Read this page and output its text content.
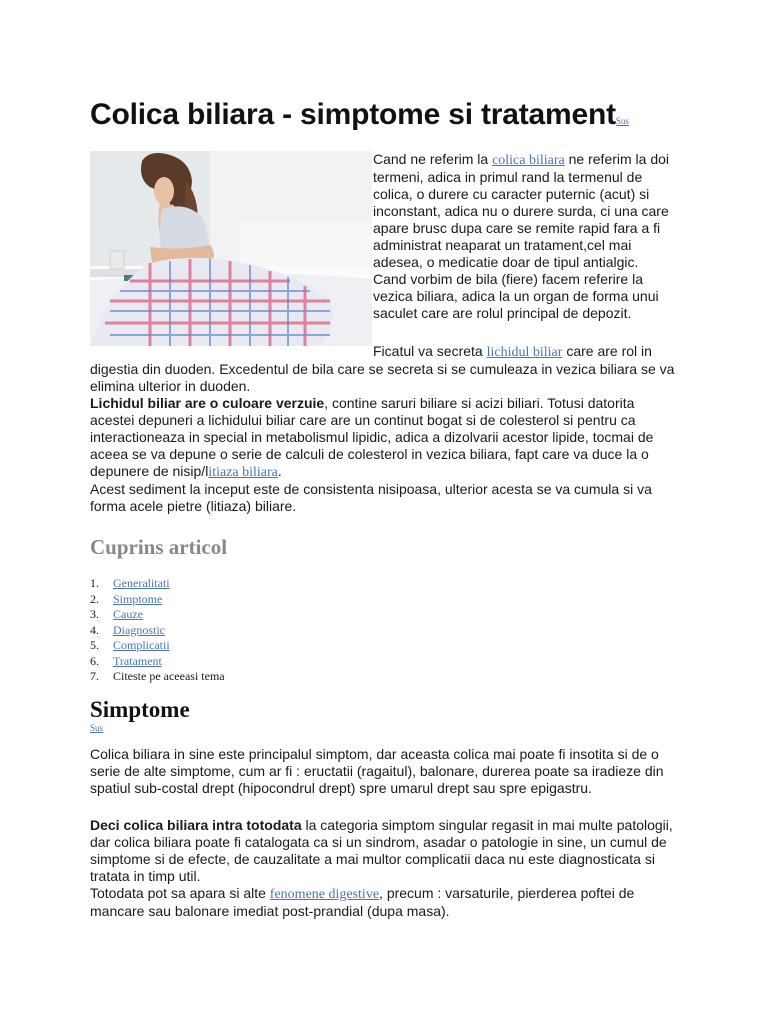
Colica biliara - simptome si tratamentSus
Cand ne referim la colica biliara ne referim la doi termeni, adica in primul rand la termenul de colica, o durere cu caracter puternic (acut) si inconstant, adica nu o durere surda, ci una care apare brusc dupa care se remite rapid fara a fi administrat neaparat un tratament,cel mai adesea, o medicatie doar de tipul antialgic.
Cand vorbim de bila (fiere) facem referire la vezica biliara, adica la un organ de forma unui saculet care are rolul principal de depozit.
Ficatul va secreta lichidul biliar care are rol in
digestia din duoden. Excedentul de bila care se secreta si se cumuleaza in vezica biliara se va elimina ulterior in duoden.
Lichidul biliar are o culoare verzuie, contine saruri biliare si acizi biliari. Totusi datorita acestei depuneri a lichidului biliar care are un continut bogat si de colesterol si pentru ca interactioneaza in special in metabolismul lipidic, adica a dizolvarii acestor lipide, tocmai de aceea se va depune o serie de calculi de colesterol in vezica biliara, fapt care va duce la o depunere de nisip/litiaza biliara.
Acest sediment la inceput este de consistenta nisipoasa, ulterior acesta se va cumula si va forma acele pietre (litiaza) biliare.
Cuprins articol
1.	Generalitati
2.	Simptome
3.	Cauze
4.	Diagnostic
5.	Complicatii
6.	Tratament
7.	Citeste pe aceeasi tema
Simptome
Sus
Colica biliara in sine este principalul simptom, dar aceasta colica mai poate fi insotita si de o serie de alte simptome, cum ar fi : eructatii (ragaitul), balonare, durerea poate sa iradieze din spatiul sub-costal drept (hipocondrul drept) spre umarul drept sau spre epigastru.
Deci colica biliara intra totodata la categoria simptom singular regasit in mai multe patologii, dar colica biliara poate fi catalogata ca si un sindrom, asadar o patologie in sine, un cumul de simptome si de efecte, de cauzalitate a mai multor complicatii daca nu este diagnosticata si tratata in timp util.
Totodata pot sa apara si alte fenomene digestive, precum : varsaturile, pierderea poftei de mancare sau balonare imediat post-prandial (dupa masa).
